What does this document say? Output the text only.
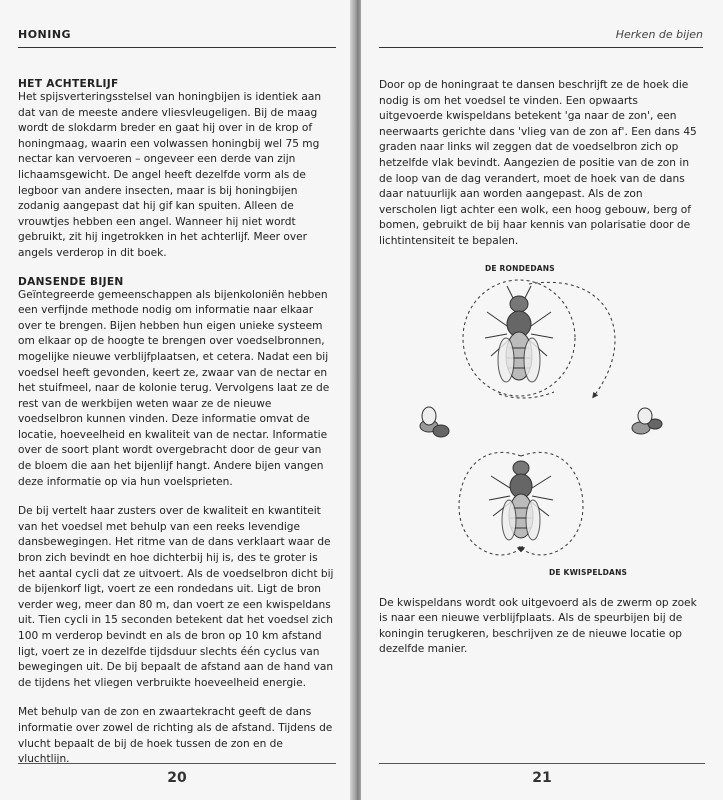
HONING
HET ACHTERLIJF

Het spijsverteringsstelsel van honingbijen is identiek aan dat van de meeste andere vliesvleugeligen. Bij de maag wordt de slokdarm breder en gaat hij over in de krop of honingmaag, waarin een volwassen honingbij wel 75 mg nectar kan vervoeren – ongeveer een derde van zijn lichaamsgewicht. De angel heeft dezelfde vorm als de legboor van andere insecten, maar is bij honingbijen zodanig aangepast dat hij gif kan spuiten. Alleen de vrouwtjes hebben een angel. Wanneer hij niet wordt gebruikt, zit hij ingetrokken in het achterlijf. Meer over angels verderop in dit boek.

DANSENDE BIJEN

Geïntegreerde gemeenschappen als bijenkoloniën hebben een verfijnde methode nodig om informatie naar elkaar over te brengen. Bijen hebben hun eigen unieke systeem om elkaar op de hoogte te brengen over voedselbronnen, mogelijke nieuwe verblijfplaatsen, et cetera. Nadat een bij voedsel heeft gevonden, keert ze, zwaar van de nectar en het stuifmeel, naar de kolonie terug. Vervolgens laat ze de rest van de werkbijen weten waar ze de nieuwe voedselbron kunnen vinden. Deze informatie omvat de locatie, hoeveelheid en kwaliteit van de nectar. Informatie over de soort plant wordt overgebracht door de geur van de bloem die aan het bijenlijf hangt. Andere bijen vangen deze informatie op via hun voelsprieten.

De bij vertelt haar zusters over de kwaliteit en kwantiteit van het voedsel met behulp van een reeks levendige dansbewegingen. Het ritme van de dans verklaart waar de bron zich bevindt en hoe dichterbij hij is, des te groter is het aantal cycli dat ze uitvoert. Als de voedselbron dicht bij de bijenkorf ligt, voert ze een rondedans uit. Ligt de bron verder weg, meer dan 80 m, dan voert ze een kwispeldans uit. Tien cycli in 15 seconden betekent dat het voedsel zich 100 m verderop bevindt en als de bron op 10 km afstand ligt, voert ze in dezelfde tijdsduur slechts één cyclus van bewegingen uit. De bij bepaalt de afstand aan de hand van de tijdens het vliegen verbruikte hoeveelheid energie.

Met behulp van de zon en zwaartekracht geeft de dans informatie over zowel de richting als de afstand. Tijdens de vlucht bepaalt de bij de hoek tussen de zon en de vluchtlijn.

20
Herken de bijen

Door op de honingraat te dansen beschrijft ze de hoek die nodig is om het voedsel te vinden. Een opwaarts uitgevoerde kwispeldans betekent 'ga naar de zon', een neerwaarts gerichte dans 'vlieg van de zon af'. Een dans 45 graden naar links wil zeggen dat de voedselbron zich op hetzelfde vlak bevindt. Aangezien de positie van de zon in de loop van de dag verandert, moet de hoek van de dans daar natuurlijk aan worden aangepast. Als de zon verscholen ligt achter een wolk, een hoog gebouw, berg of bomen, gebruikt de bij haar kennis van polarisatie door de lichtintensiteit te bepalen.

DE RONDEDANS
DE KWISPELDANS

De kwispeldans wordt ook uitgevoerd als de zwerm op zoek is naar een nieuwe verblijfplaats. Als de speurbijen bij de koningin terugkeren, beschrijven ze de nieuwe locatie op dezelfde manier.

21
